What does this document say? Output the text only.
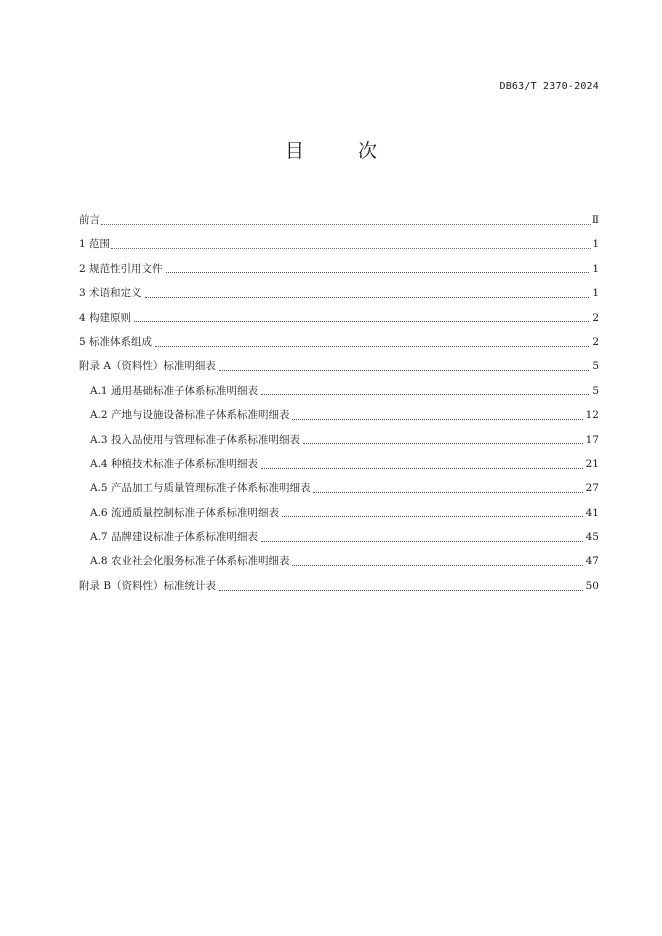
DB63/T 2370-2024
目 次
前言	Ⅱ
1 范围	1
2 规范性引用文件	1
3 术语和定义	1
4 构建原则	2
5 标准体系组成	2
附录 A（资料性）标准明细表	5
A.1 通用基础标准子体系标准明细表	5
A.2 产地与设施设备标准子体系标准明细表	12
A.3 投入品使用与管理标准子体系标准明细表	17
A.4 种植技术标准子体系标准明细表	21
A.5 产品加工与质量管理标准子体系标准明细表	27
A.6 流通质量控制标准子体系标准明细表	41
A.7 品牌建设标准子体系标准明细表	45
A.8 农业社会化服务标准子体系标准明细表	47
附录 B（资料性）标准统计表	50
